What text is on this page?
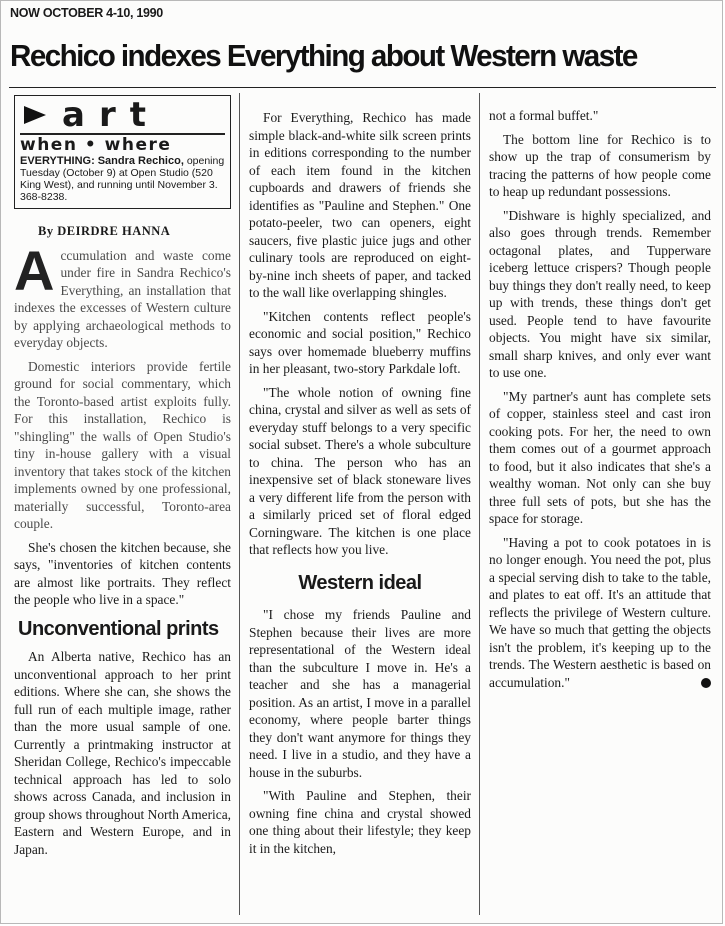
NOW OCTOBER 4-10, 1990
Rechico indexes Everything about Western waste
art
when • where
EVERYTHING: Sandra Rechico, opening Tuesday (October 9) at Open Studio (520 King West), and running until November 3. 368-8238.
By DEIRDRE HANNA

Accumulation and waste come under fire in Sandra Rechico's Everything, an installation that indexes the excesses of Western culture by applying archaeological methods to everyday objects.

Domestic interiors provide fertile ground for social commentary, which the Toronto-based artist exploits fully. For this installation, Rechico is "shingling" the walls of Open Studio's tiny in-house gallery with a visual inventory that takes stock of the kitchen implements owned by one professional, materially successful, Toronto-area couple.

She's chosen the kitchen because, she says, "inventories of kitchen contents are almost like portraits. They reflect the people who live in a space."

Unconventional prints

An Alberta native, Rechico has an unconventional approach to her print editions. Where she can, she shows the full run of each multiple image, rather than the more usual sample of one. Currently a printmaking instructor at Sheridan College, Rechico's impeccable technical approach has led to solo shows across Canada, and inclusion in group shows throughout North America, Eastern and Western Europe, and in Japan.

For Everything, Rechico has made simple black-and-white silk screen prints in editions corresponding to the number of each item found in the kitchen cupboards and drawers of friends she identifies as "Pauline and Stephen." One potato-peeler, two can openers, eight saucers, five plastic juice jugs and other culinary tools are reproduced on eight-by-nine inch sheets of paper, and tacked to the wall like overlapping shingles.

"Kitchen contents reflect people's economic and social position," Rechico says over homemade blueberry muffins in her pleasant, two-story Parkdale loft.

"The whole notion of owning fine china, crystal and silver as well as sets of everyday stuff belongs to a very specific social subset. There's a whole subculture to china. The person who has an inexpensive set of black stoneware lives a very different life from the person with a similarly priced set of floral edged Corningware. The kitchen is one place that reflects how you live.

Western ideal

"I chose my friends Pauline and Stephen because their lives are more representational of the Western ideal than the subculture I move in. He's a teacher and she has a managerial position. As an artist, I move in a parallel economy, where people barter things they don't want anymore for things they need. I live in a studio, and they have a house in the suburbs.

"With Pauline and Stephen, their owning fine china and crystal showed one thing about their lifestyle; they keep it in the kitchen,

not a formal buffet."

The bottom line for Rechico is to show up the trap of consumerism by tracing the patterns of how people come to heap up redundant possessions.

"Dishware is highly specialized, and also goes through trends. Remember octagonal plates, and Tupperware iceberg lettuce crispers? Though people buy things they don't really need, to keep up with trends, these things don't get used. People tend to have favourite objects. You might have six similar, small sharp knives, and only ever want to use one.

"My partner's aunt has complete sets of copper, stainless steel and cast iron cooking pots. For her, the need to own them comes out of a gourmet approach to food, but it also indicates that she's a wealthy woman. Not only can she buy three full sets of pots, but she has the space for storage.

"Having a pot to cook potatoes in is no longer enough. You need the pot, plus a special serving dish to take to the table, and plates to eat off. It's an attitude that reflects the privilege of Western culture. We have so much that getting the objects isn't the problem, it's keeping up to the trends. The Western aesthetic is based on accumulation."
